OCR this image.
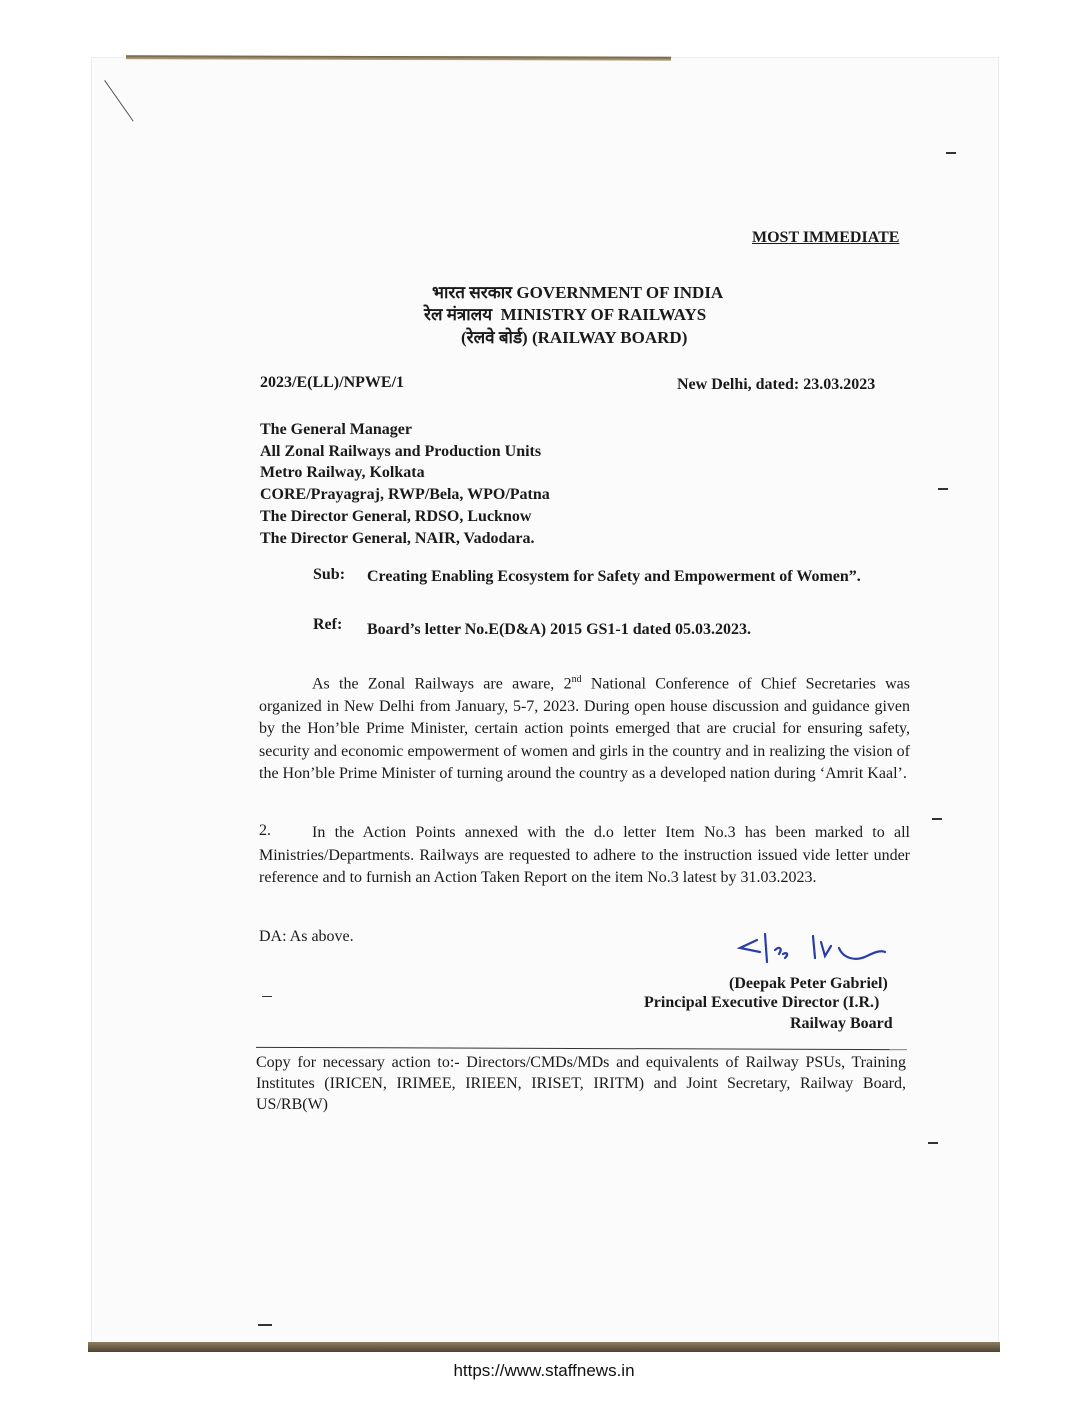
MOST IMMEDIATE
भारत सरकार GOVERNMENT OF INDIA
रेल मंत्रालय MINISTRY OF RAILWAYS
(रेलवे बोर्ड) (RAILWAY BOARD)
2023/E(LL)/NPWE/1	New Delhi, dated: 23.03.2023
The General Manager
All Zonal Railways and Production Units
Metro Railway, Kolkata
CORE/Prayagraj, RWP/Bela, WPO/Patna
The Director General, RDSO, Lucknow
The Director General, NAIR, Vadodara.
Sub: Creating Enabling Ecosystem for Safety and Empowerment of Women”.
Ref: Board’s letter No.E(D&A) 2015 GS1-1 dated 05.03.2023.
As the Zonal Railways are aware, 2nd National Conference of Chief Secretaries was organized in New Delhi from January, 5-7, 2023. During open house discussion and guidance given by the Hon’ble Prime Minister, certain action points emerged that are crucial for ensuring safety, security and economic empowerment of women and girls in the country and in realizing the vision of the Hon’ble Prime Minister of turning around the country as a developed nation during ‘Amrit Kaal’.
2.	In the Action Points annexed with the d.o letter Item No.3 has been marked to all Ministries/Departments. Railways are requested to adhere to the instruction issued vide letter under reference and to furnish an Action Taken Report on the item No.3 latest by 31.03.2023.
DA: As above.
(Deepak Peter Gabriel)
Principal Executive Director (I.R.)
Railway Board
Copy for necessary action to:- Directors/CMDs/MDs and equivalents of Railway PSUs, Training Institutes (IRICEN, IRIMEE, IRIEEN, IRISET, IRITM) and Joint Secretary, Railway Board, US/RB(W)
https://www.staffnews.in
